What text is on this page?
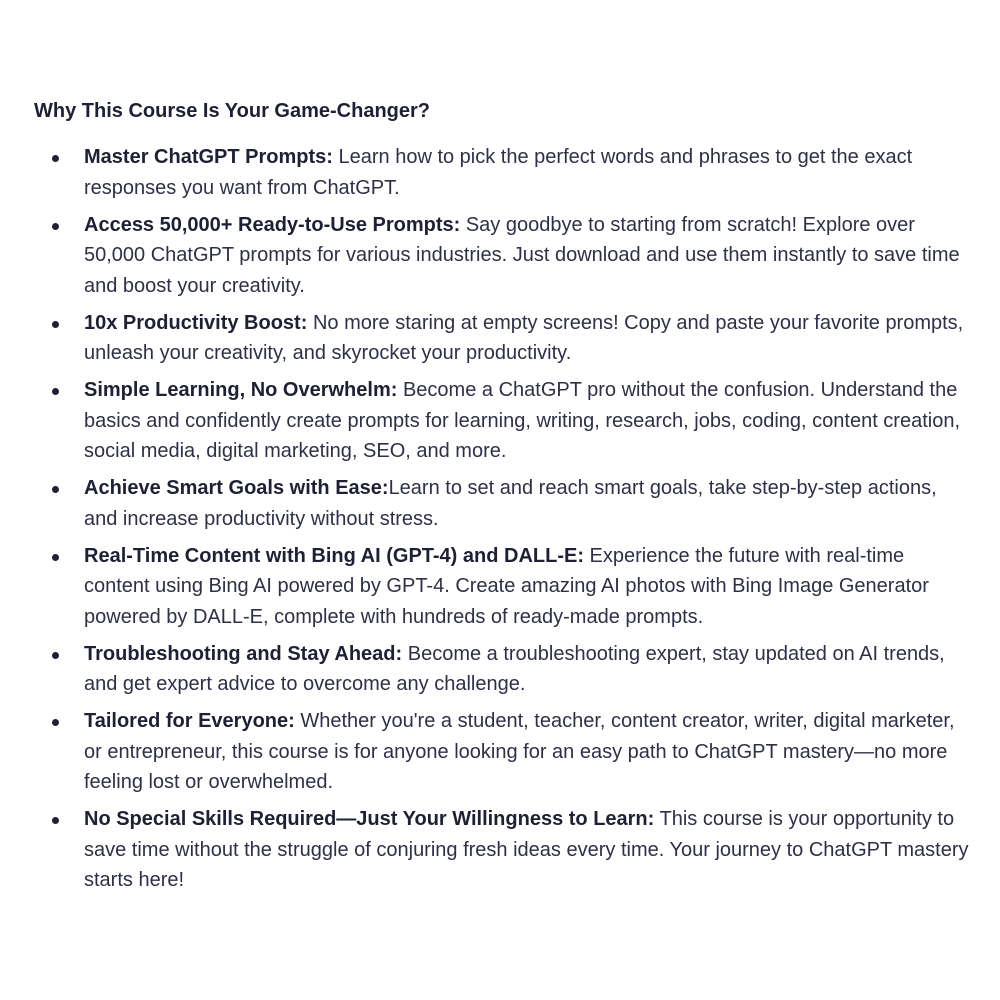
Why This Course Is Your Game-Changer?
Master ChatGPT Prompts: Learn how to pick the perfect words and phrases to get the exact responses you want from ChatGPT.
Access 50,000+ Ready-to-Use Prompts: Say goodbye to starting from scratch! Explore over 50,000 ChatGPT prompts for various industries. Just download and use them instantly to save time and boost your creativity.
10x Productivity Boost: No more staring at empty screens! Copy and paste your favorite prompts, unleash your creativity, and skyrocket your productivity.
Simple Learning, No Overwhelm: Become a ChatGPT pro without the confusion. Understand the basics and confidently create prompts for learning, writing, research, jobs, coding, content creation, social media, digital marketing, SEO, and more.
Achieve Smart Goals with Ease:Learn to set and reach smart goals, take step-by-step actions, and increase productivity without stress.
Real-Time Content with Bing AI (GPT-4) and DALL-E: Experience the future with real-time content using Bing AI powered by GPT-4. Create amazing AI photos with Bing Image Generator powered by DALL-E, complete with hundreds of ready-made prompts.
Troubleshooting and Stay Ahead: Become a troubleshooting expert, stay updated on AI trends, and get expert advice to overcome any challenge.
Tailored for Everyone: Whether you're a student, teacher, content creator, writer, digital marketer, or entrepreneur, this course is for anyone looking for an easy path to ChatGPT mastery—no more feeling lost or overwhelmed.
No Special Skills Required—Just Your Willingness to Learn: This course is your opportunity to save time without the struggle of conjuring fresh ideas every time. Your journey to ChatGPT mastery starts here!
